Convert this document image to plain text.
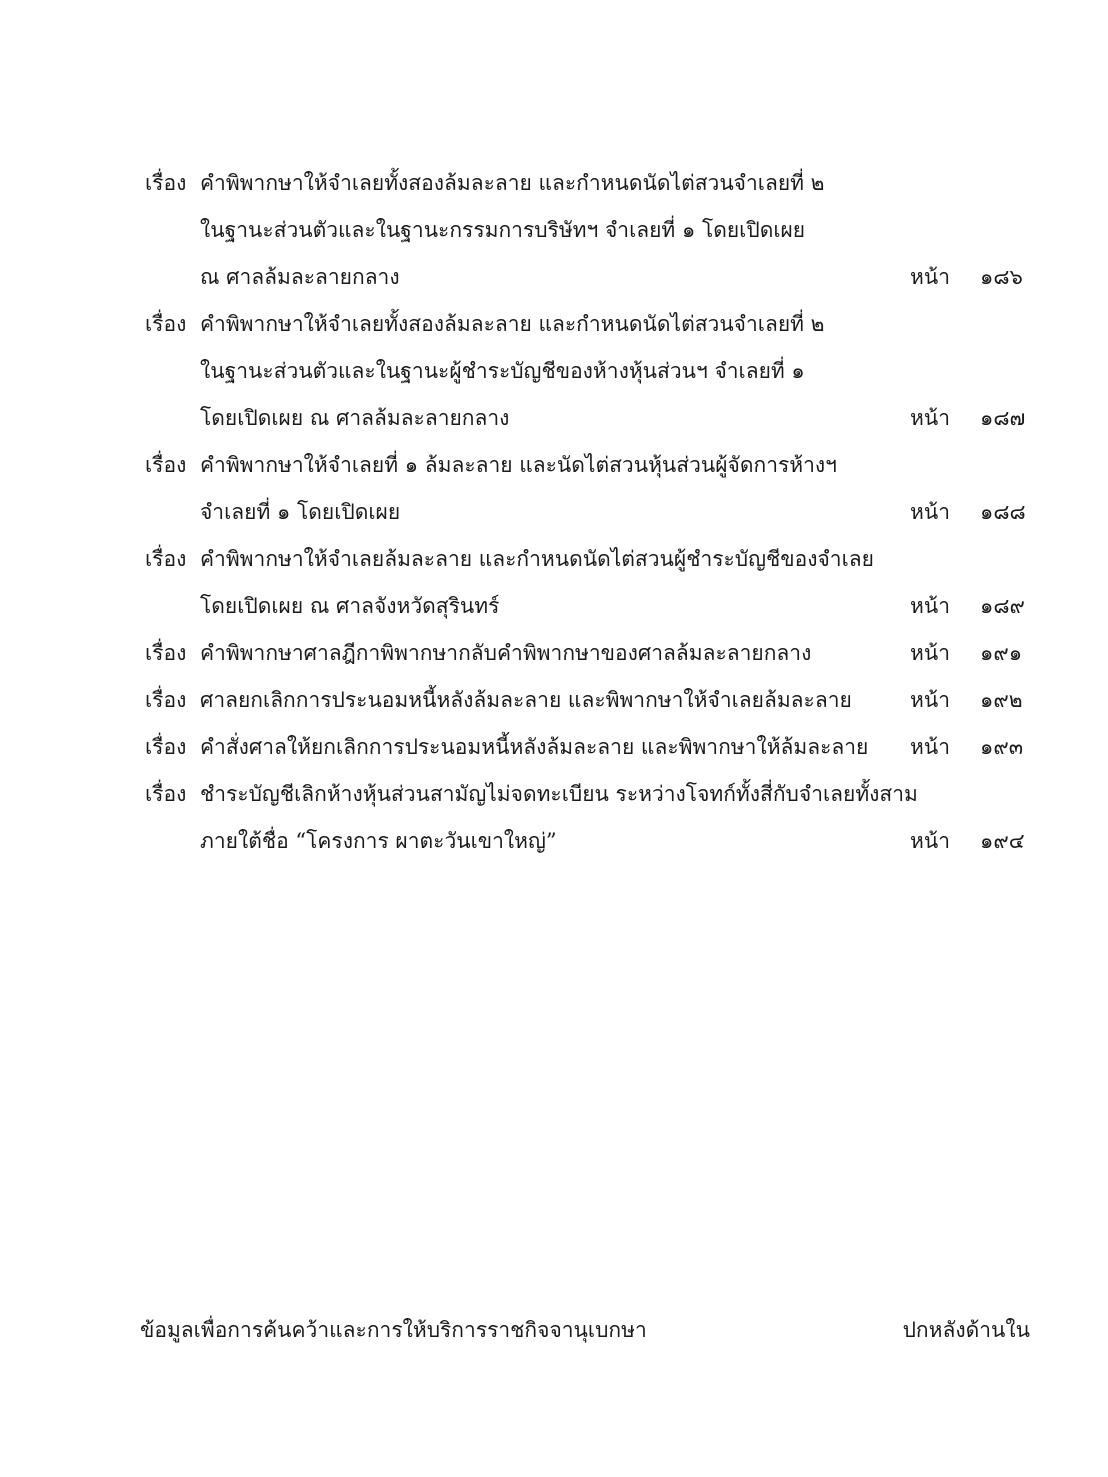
เรื่อง คำพิพากษาให้จำเลยทั้งสองล้มละลาย และกำหนดนัดไต่สวนจำเลยที่ ๒
ในฐานะส่วนตัวและในฐานะกรรมการบริษัทฯ จำเลยที่ ๑ โดยเปิดเผย
ณ ศาลล้มละลายกลาง	หน้า ๑๘๖
เรื่อง คำพิพากษาให้จำเลยทั้งสองล้มละลาย และกำหนดนัดไต่สวนจำเลยที่ ๒
ในฐานะส่วนตัวและในฐานะผู้ชำระบัญชีของห้างหุ้นส่วนฯ จำเลยที่ ๑
โดยเปิดเผย ณ ศาลล้มละลายกลาง	หน้า ๑๘๗
เรื่อง คำพิพากษาให้จำเลยที่ ๑ ล้มละลาย และนัดไต่สวนหุ้นส่วนผู้จัดการห้างฯ
จำเลยที่ ๑ โดยเปิดเผย	หน้า ๑๘๘
เรื่อง คำพิพากษาให้จำเลยล้มละลาย และกำหนดนัดไต่สวนผู้ชำระบัญชีของจำเลย
โดยเปิดเผย ณ ศาลจังหวัดสุรินทร์	หน้า ๑๘๙
เรื่อง คำพิพากษาศาลฎีกาพิพากษากลับคำพิพากษาของศาลล้มละลายกลาง	หน้า ๑๙๑
เรื่อง ศาลยกเลิกการประนอมหนี้หลังล้มละลาย และพิพากษาให้จำเลยล้มละลาย	หน้า ๑๙๒
เรื่อง คำสั่งศาลให้ยกเลิกการประนอมหนี้หลังล้มละลาย และพิพากษาให้ล้มละลาย หน้า ๑๙๓
เรื่อง ชำระบัญชีเลิกห้างหุ้นส่วนสามัญไม่จดทะเบียน ระหว่างโจทก์ทั้งสี่กับจำเลยทั้งสาม
ภายใต้ชื่อ “โครงการ ผาตะวันเขาใหญ่”	หน้า ๑๙๔
ข้อมูลเพื่อการค้นคว้าและการให้บริการราชกิจจานุเบกษา	ปกหลังด้านใน
